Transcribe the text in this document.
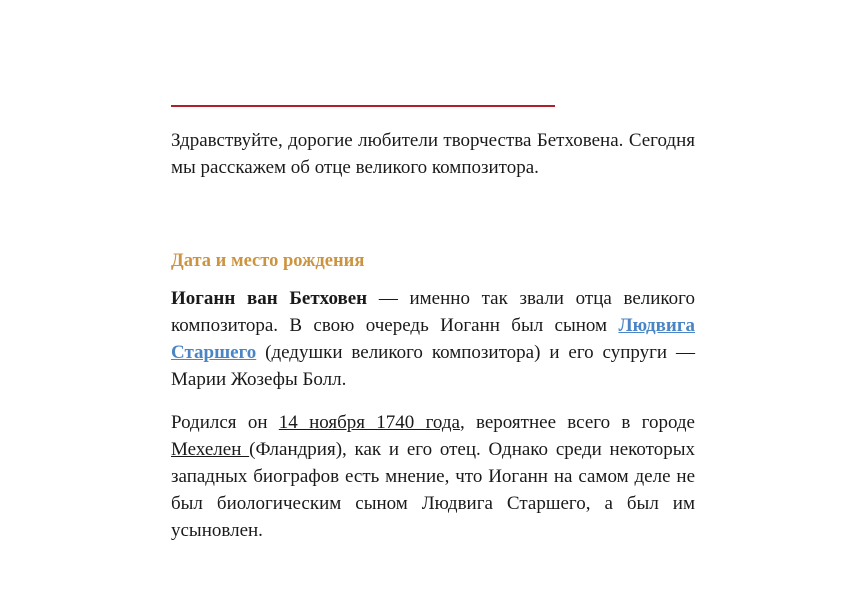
Здравствуйте, дорогие любители творчества Бетховена. Сегодня мы расскажем об отце великого композитора.

Дата и место рождения

Иоганн ван Бетховен — именно так звали отца великого композитора. В свою очередь Иоганн был сыном Людвига Старшего (дедушки великого композитора) и его супруги — Марии Жозефы Болл.

Родился он 14 ноября 1740 года, вероятнее всего в городе Мехелен (Фландрия), как и его отец. Однако среди некоторых западных биографов есть мнение, что Иоганн на самом деле не был биологическим сыном Людвига Старшего, а был им усыновлен.
